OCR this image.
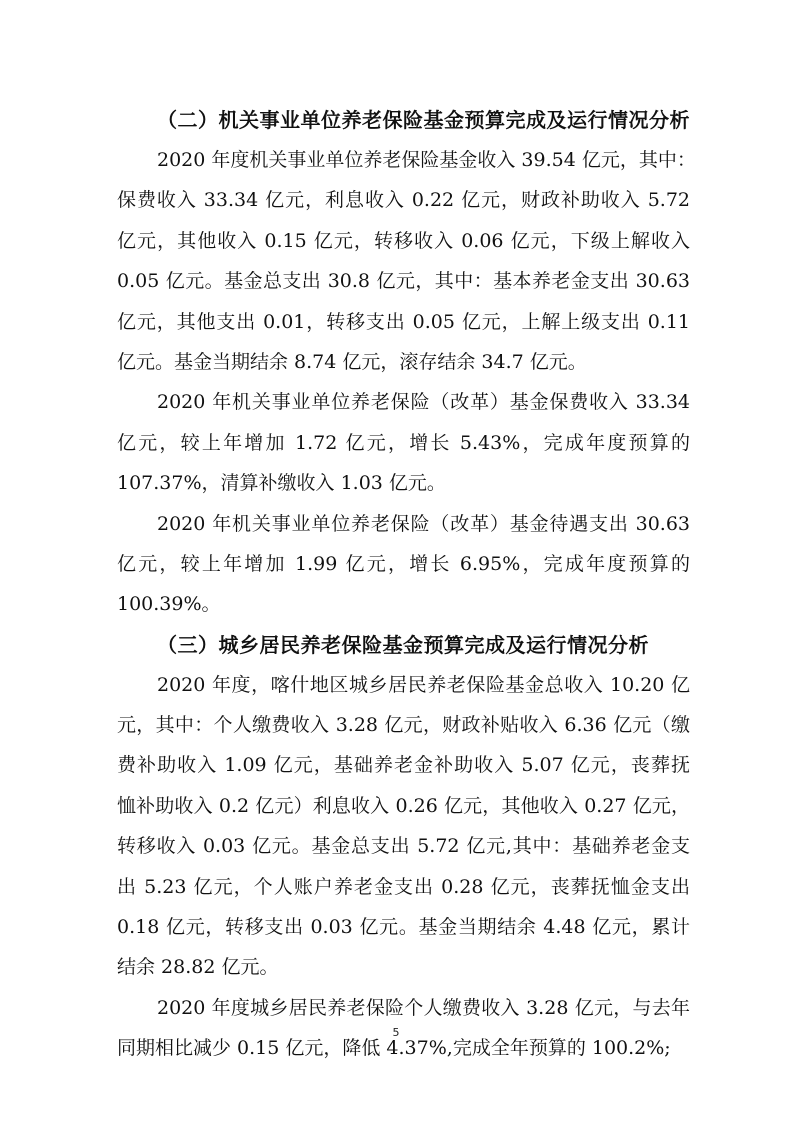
（二）机关事业单位养老保险基金预算完成及运行情况分析
2020 年度机关事业单位养老保险基金收入 39.54 亿元，其中：
保费收入 33.34 亿元，利息收入 0.22 亿元，财政补助收入 5.72
亿元，其他收入 0.15 亿元，转移收入 0.06 亿元，下级上解收入
0.05 亿元。基金总支出 30.8 亿元，其中：基本养老金支出 30.63
亿元，其他支出 0.01，转移支出 0.05 亿元，上解上级支出 0.11
亿元。基金当期结余 8.74 亿元，滚存结余 34.7 亿元。
2020 年机关事业单位养老保险（改革）基金保费收入 33.34
亿元，较上年增加 1.72 亿元，增长 5.43%，完成年度预算的
107.37%，清算补缴收入 1.03 亿元。
2020 年机关事业单位养老保险（改革）基金待遇支出 30.63
亿元，较上年增加 1.99 亿元，增长 6.95%，完成年度预算的
100.39%。
（三）城乡居民养老保险基金预算完成及运行情况分析
2020 年度，喀什地区城乡居民养老保险基金总收入 10.20 亿
元，其中：个人缴费收入 3.28 亿元，财政补贴收入 6.36 亿元（缴
费补助收入 1.09 亿元，基础养老金补助收入 5.07 亿元，丧葬抚
恤补助收入 0.2 亿元）利息收入 0.26 亿元，其他收入 0.27 亿元，
转移收入 0.03 亿元。基金总支出 5.72 亿元,其中：基础养老金支
出 5.23 亿元，个人账户养老金支出 0.28 亿元，丧葬抚恤金支出
0.18 亿元，转移支出 0.03 亿元。基金当期结余 4.48 亿元，累计
结余 28.82 亿元。
2020 年度城乡居民养老保险个人缴费收入 3.28 亿元，与去年
同期相比减少 0.15 亿元，降低 4.37%,完成全年预算的 100.2%;
5
